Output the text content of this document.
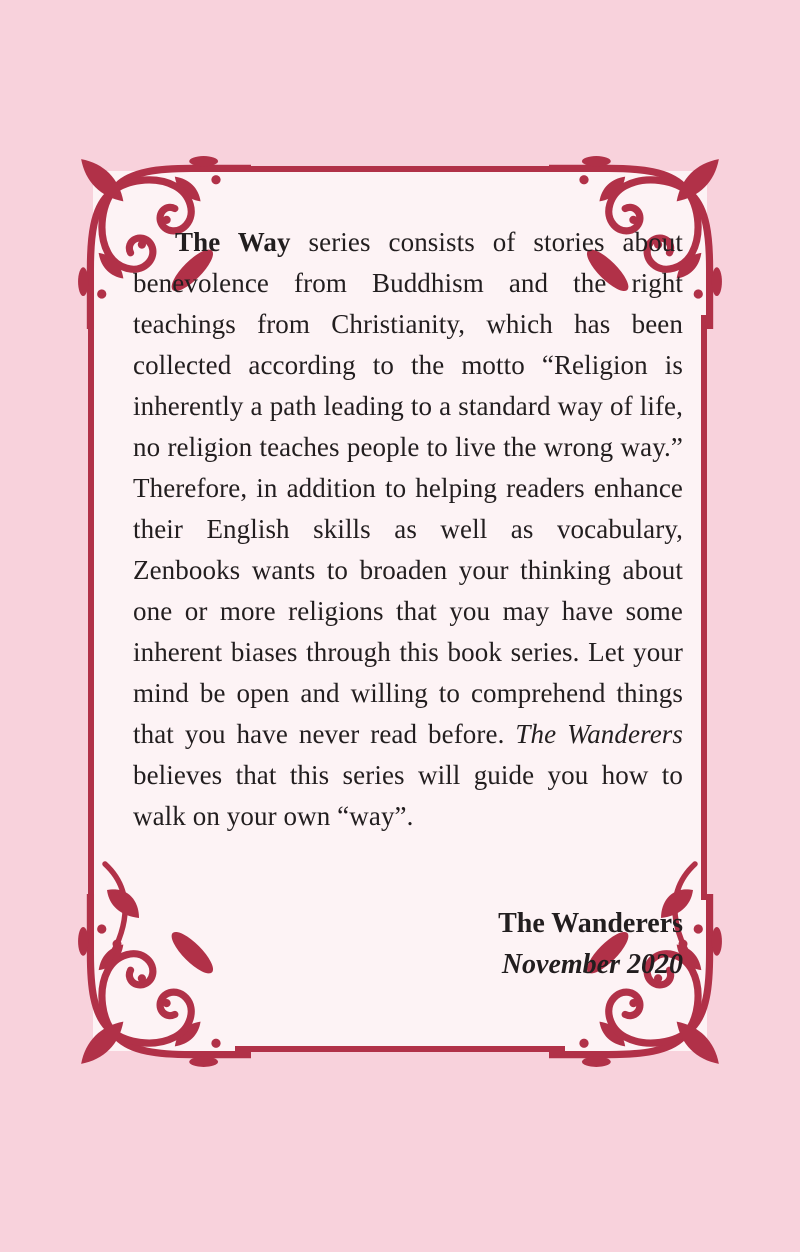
The Way series consists of stories about benevolence from Buddhism and the right teachings from Christianity, which has been collected according to the motto “Religion is inherently a path leading to a standard way of life, no religion teaches people to live the wrong way.” Therefore, in addition to helping readers enhance their English skills as well as vocabulary, Zenbooks wants to broaden your thinking about one or more religions that you may have some inherent biases through this book series. Let your mind be open and willing to comprehend things that you have never read before. The Wanderers believes that this series will guide you how to walk on your own “way”.

The Wanderers
November 2020
